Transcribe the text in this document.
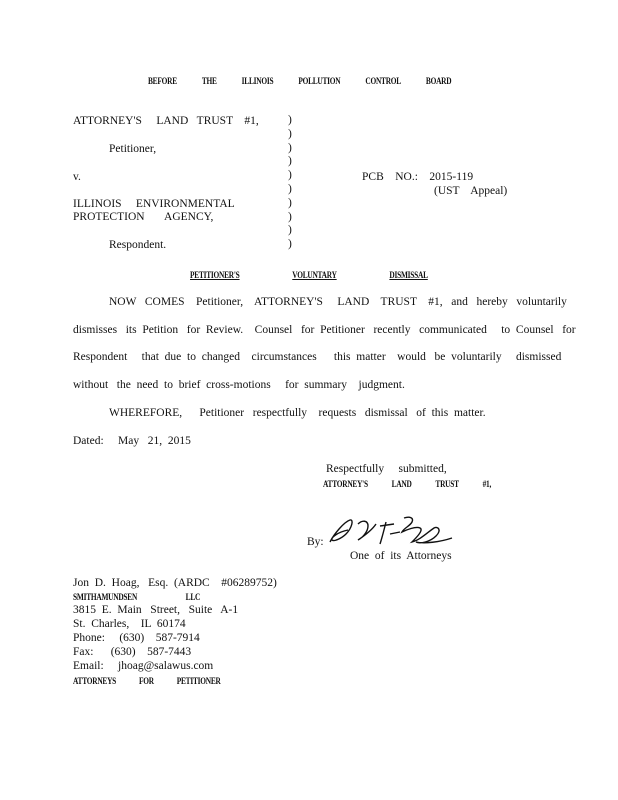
BEFORE	THE	ILLINOIS	POLLUTION	CONTROL	BOARD
ATTORNEY'S     LAND   TRUST    #1,
Petitioner,
v.
ILLINOIS     ENVIRONMENTAL
PROTECTION       AGENCY,
Respondent.
)
)
)
)
)
)
)
)
)
)
PCB    NO.:    2015-119
(UST    Appeal)
PETITIONER'S	VOLUNTARY	DISMISSAL
NOW   COMES    Petitioner,    ATTORNEY'S     LAND    TRUST    #1,   and   hereby   voluntarily
dismisses   its  Petition   for  Review.    Counsel   for  Petitioner   recently   communicated     to  Counsel   for
Respondent     that  due  to  changed    circumstances      this  matter    would   be  voluntarily     dismissed
without   the  need  to  brief  cross-motions     for  summary    judgment.
WHEREFORE,      Petitioner   respectfully    requests   dismissal   of  this  matter.
Dated:     May   21,  2015
Respectfully     submitted,
ATTORNEY'S	LAND	TRUST	#1,
By:
One  of  its  Attorneys
Jon  D.  Hoag,   Esq.  (ARDC    #06289752)
SMITHAMUNDSEN	LLC
3815  E.  Main   Street,   Suite   A-1
St.  Charles,    IL  60174
Phone:     (630)    587-7914
Fax:      (630)    587-7443
Email:     jhoag@salawus.com
ATTORNEYS	FOR	PETITIONER
